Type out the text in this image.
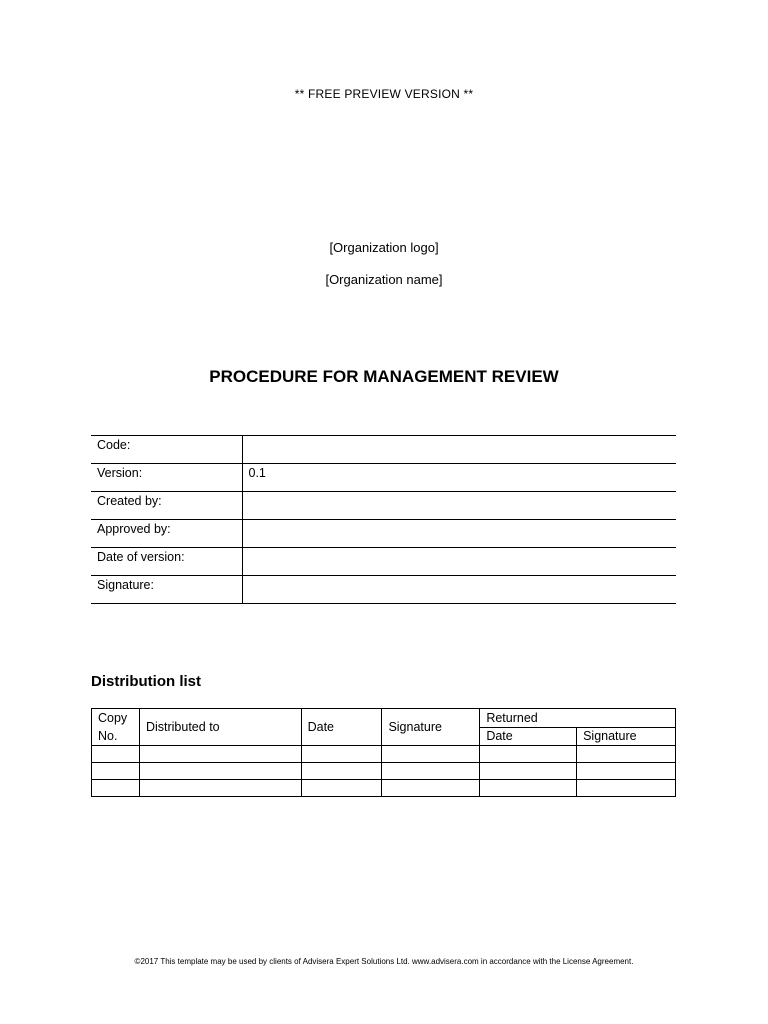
** FREE PREVIEW VERSION **
[Organization logo]
[Organization name]
PROCEDURE FOR MANAGEMENT REVIEW
Code:	
Version:	0.1
Created by:	
Approved by:	
Date of version:	
Signature:	
Distribution list
Copy
No.	Distributed to	Date	Signature	Returned	
				Date	Signature

©2017 This template may be used by clients of Advisera Expert Solutions Ltd. www.advisera.com in accordance with the License Agreement.
